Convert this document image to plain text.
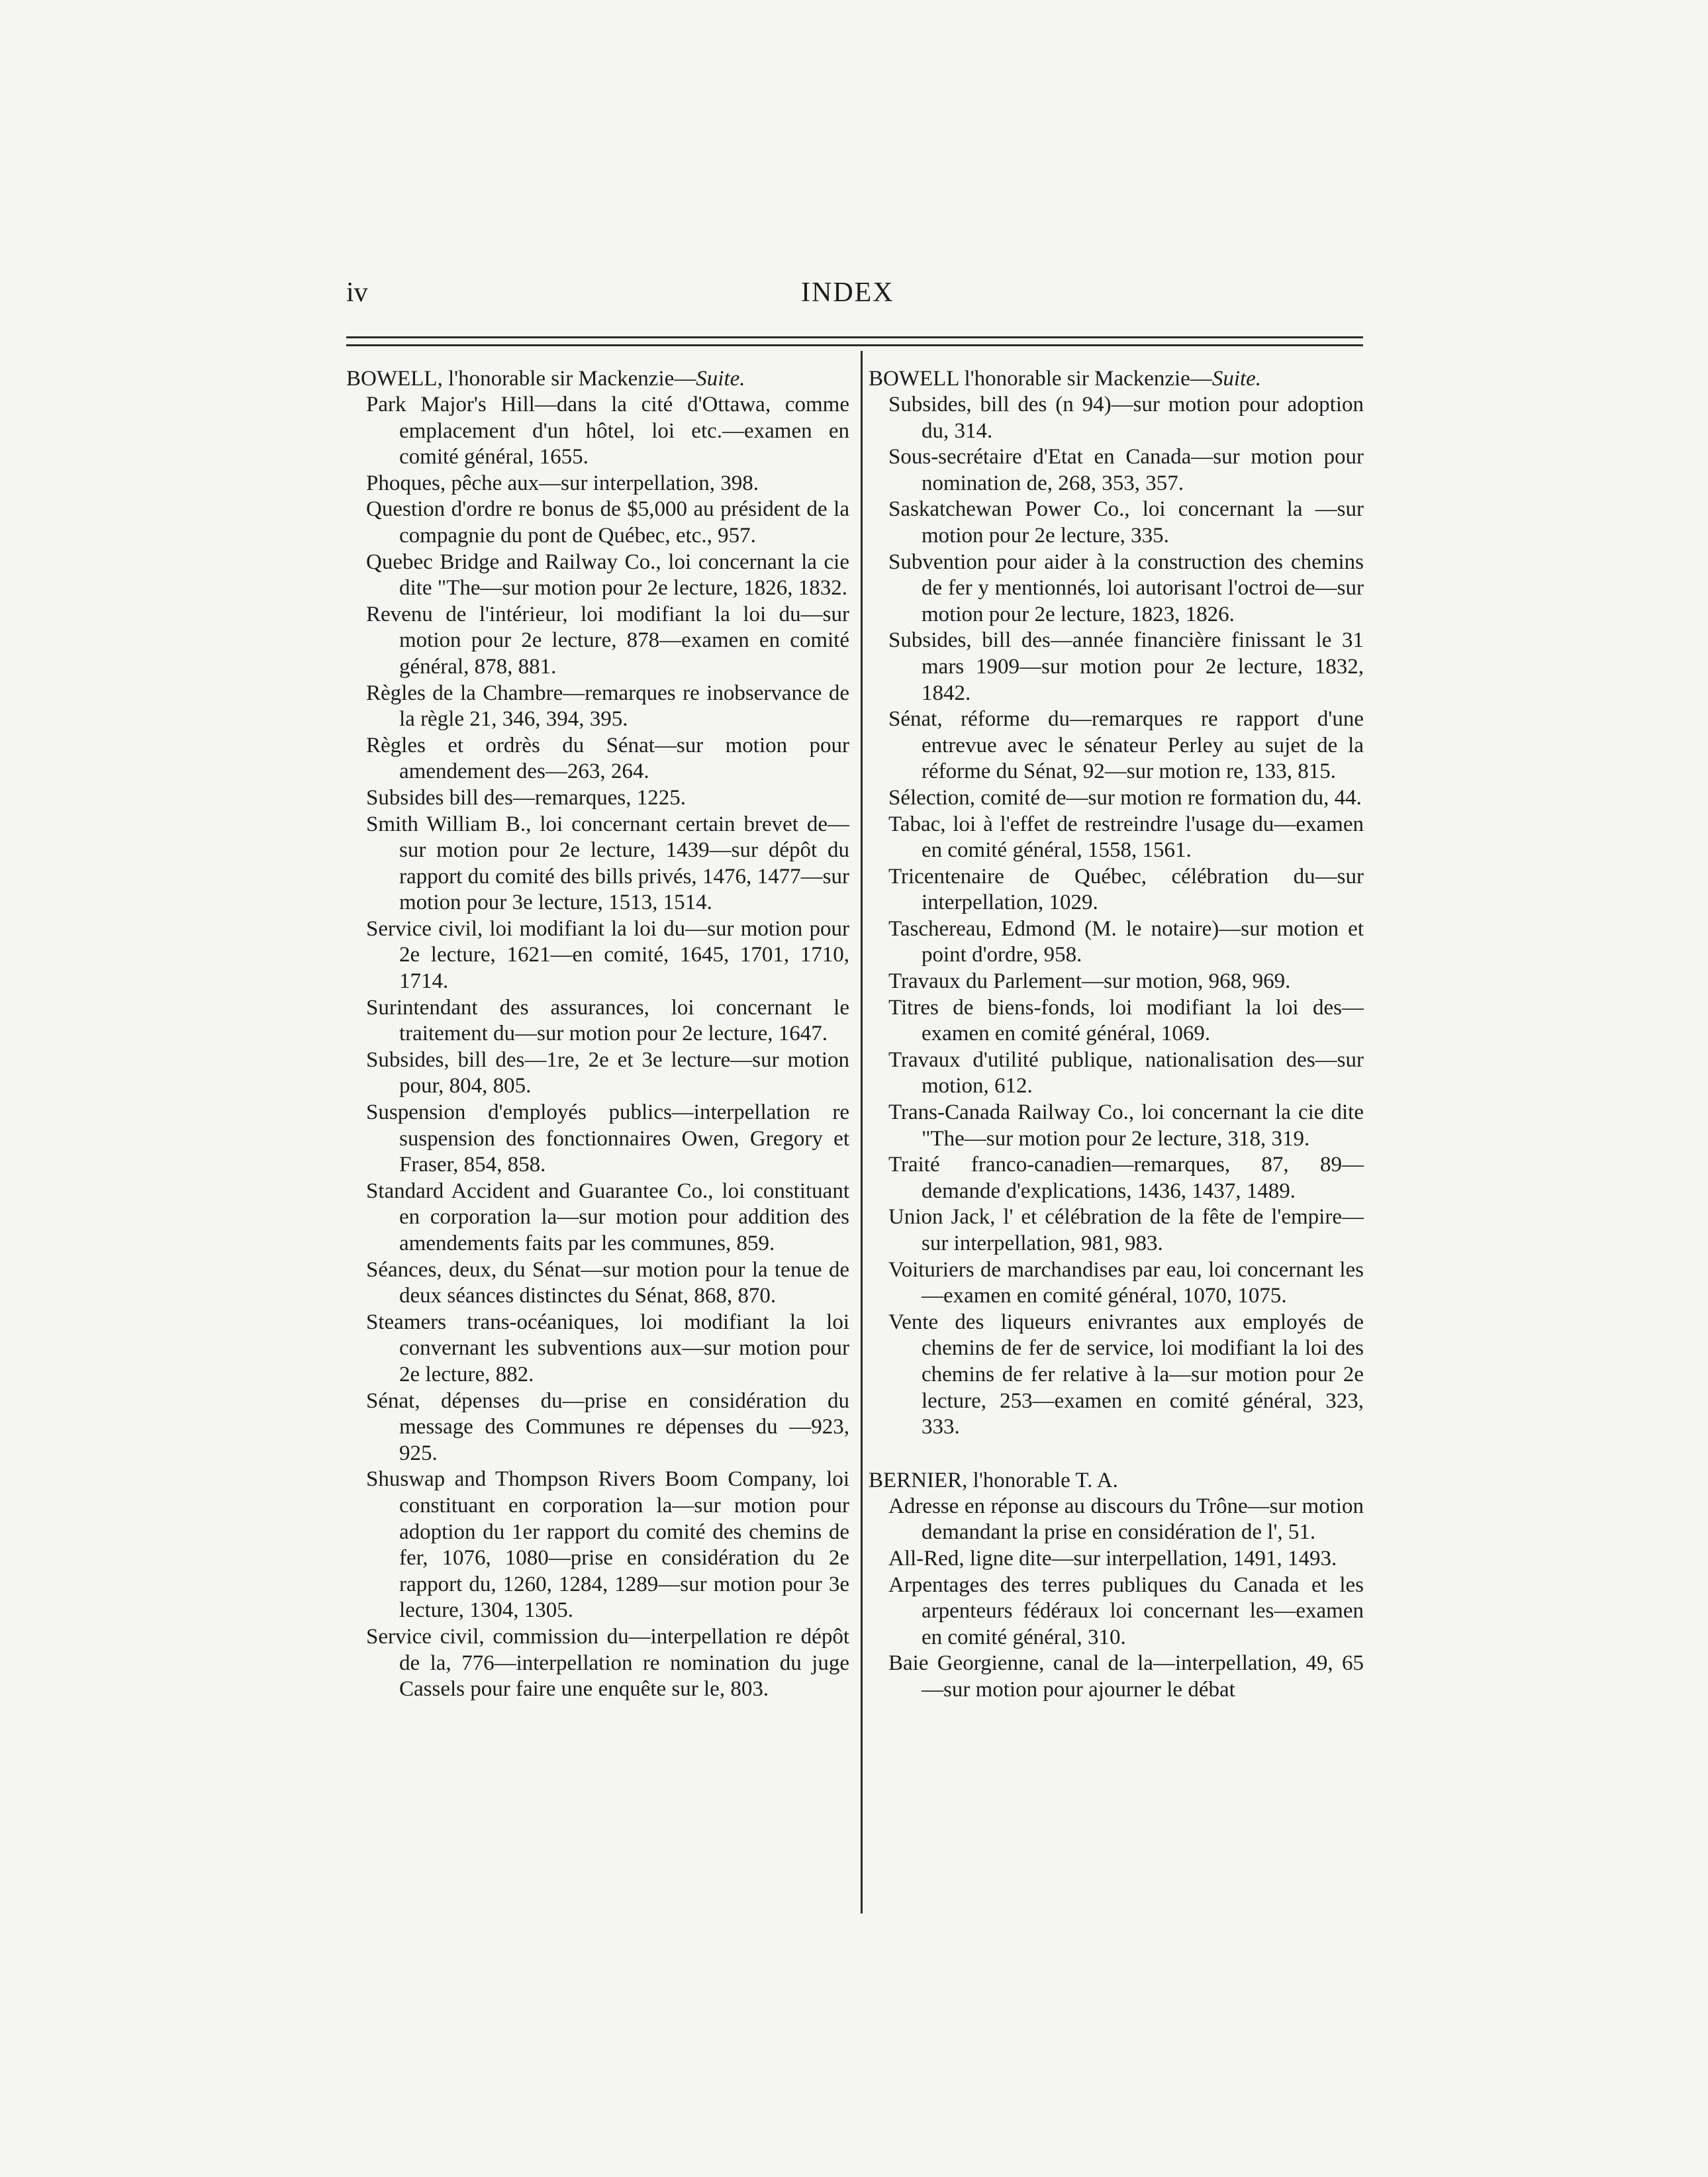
iv	INDEX

BOWELL, l'honorable sir Mackenzie—Suite.

Park Major's Hill—dans la cité d'Ottawa, comme emplacement d'un hôtel, loi etc.—examen en comité général, 1655.

Phoques, pêche aux—sur interpellation, 398.

Question d'ordre re bonus de $5,000 au président de la compagnie du pont de Québec, etc., 957.

Quebec Bridge and Railway Co., loi concernant la cie dite "The—sur motion pour 2e lecture, 1826, 1832.

Revenu de l'intérieur, loi modifiant la loi du—sur motion pour 2e lecture, 878—examen en comité général, 878, 881.

Règles de la Chambre—remarques re inobservance de la règle 21, 346, 394, 395.

Règles et ordrès du Sénat—sur motion pour amendement des—263, 264.

Subsides bill des—remarques, 1225.

Smith William B., loi concernant certain brevet de—sur motion pour 2e lecture, 1439—sur dépôt du rapport du comité des bills privés, 1476, 1477—sur motion pour 3e lecture, 1513, 1514.

Service civil, loi modifiant la loi du—sur motion pour 2e lecture, 1621—en comité, 1645, 1701, 1710, 1714.

Surintendant des assurances, loi concernant le traitement du—sur motion pour 2e lecture, 1647.

Subsides, bill des—1re, 2e et 3e lecture—sur motion pour, 804, 805.

Suspension d'employés publics—interpellation re suspension des fonctionnaires Owen, Gregory et Fraser, 854, 858.

Standard Accident and Guarantee Co., loi constituant en corporation la—sur motion pour addition des amendements faits par les communes, 859.

Séances, deux, du Sénat—sur motion pour la tenue de deux séances distinctes du Sénat, 868, 870.

Steamers trans-océaniques, loi modifiant la loi convernant les subventions aux—sur motion pour 2e lecture, 882.

Sénat, dépenses du—prise en considération du message des Communes re dépenses du —923, 925.

Shuswap and Thompson Rivers Boom Company, loi constituant en corporation la—sur motion pour adoption du 1er rapport du comité des chemins de fer, 1076, 1080—prise en considération du 2e rapport du, 1260, 1284, 1289—sur motion pour 3e lecture, 1304, 1305.

Service civil, commission du—interpellation re dépôt de la, 776—interpellation re nomination du juge Cassels pour faire une enquête sur le, 803.

BOWELL l'honorable sir Mackenzie—Suite.

Subsides, bill des (n 94)—sur motion pour adoption du, 314.

Sous-secrétaire d'Etat en Canada—sur motion pour nomination de, 268, 353, 357.

Saskatchewan Power Co., loi concernant la —sur motion pour 2e lecture, 335.

Subvention pour aider à la construction des chemins de fer y mentionnés, loi autorisant l'octroi de—sur motion pour 2e lecture, 1823, 1826.

Subsides, bill des—année financière finissant le 31 mars 1909—sur motion pour 2e lecture, 1832, 1842.

Sénat, réforme du—remarques re rapport d'une entrevue avec le sénateur Perley au sujet de la réforme du Sénat, 92—sur motion re, 133, 815.

Sélection, comité de—sur motion re formation du, 44.

Tabac, loi à l'effet de restreindre l'usage du—examen en comité général, 1558, 1561.

Tricentenaire de Québec, célébration du—sur interpellation, 1029.

Taschereau, Edmond (M. le notaire)—sur motion et point d'ordre, 958.

Travaux du Parlement—sur motion, 968, 969.

Titres de biens-fonds, loi modifiant la loi des—examen en comité général, 1069.

Travaux d'utilité publique, nationalisation des—sur motion, 612.

Trans-Canada Railway Co., loi concernant la cie dite "The—sur motion pour 2e lecture, 318, 319.

Traité franco-canadien—remarques, 87, 89—demande d'explications, 1436, 1437, 1489.

Union Jack, l' et célébration de la fête de l'empire—sur interpellation, 981, 983.

Voituriers de marchandises par eau, loi concernant les—examen en comité général, 1070, 1075.

Vente des liqueurs enivrantes aux employés de chemins de fer de service, loi modifiant la loi des chemins de fer relative à la—sur motion pour 2e lecture, 253—examen en comité général, 323, 333.

BERNIER, l'honorable T. A.

Adresse en réponse au discours du Trône—sur motion demandant la prise en considération de l', 51.

All-Red, ligne dite—sur interpellation, 1491, 1493.

Arpentages des terres publiques du Canada et les arpenteurs fédéraux loi concernant les—examen en comité général, 310.

Baie Georgienne, canal de la—interpellation, 49, 65—sur motion pour ajourner le débat
